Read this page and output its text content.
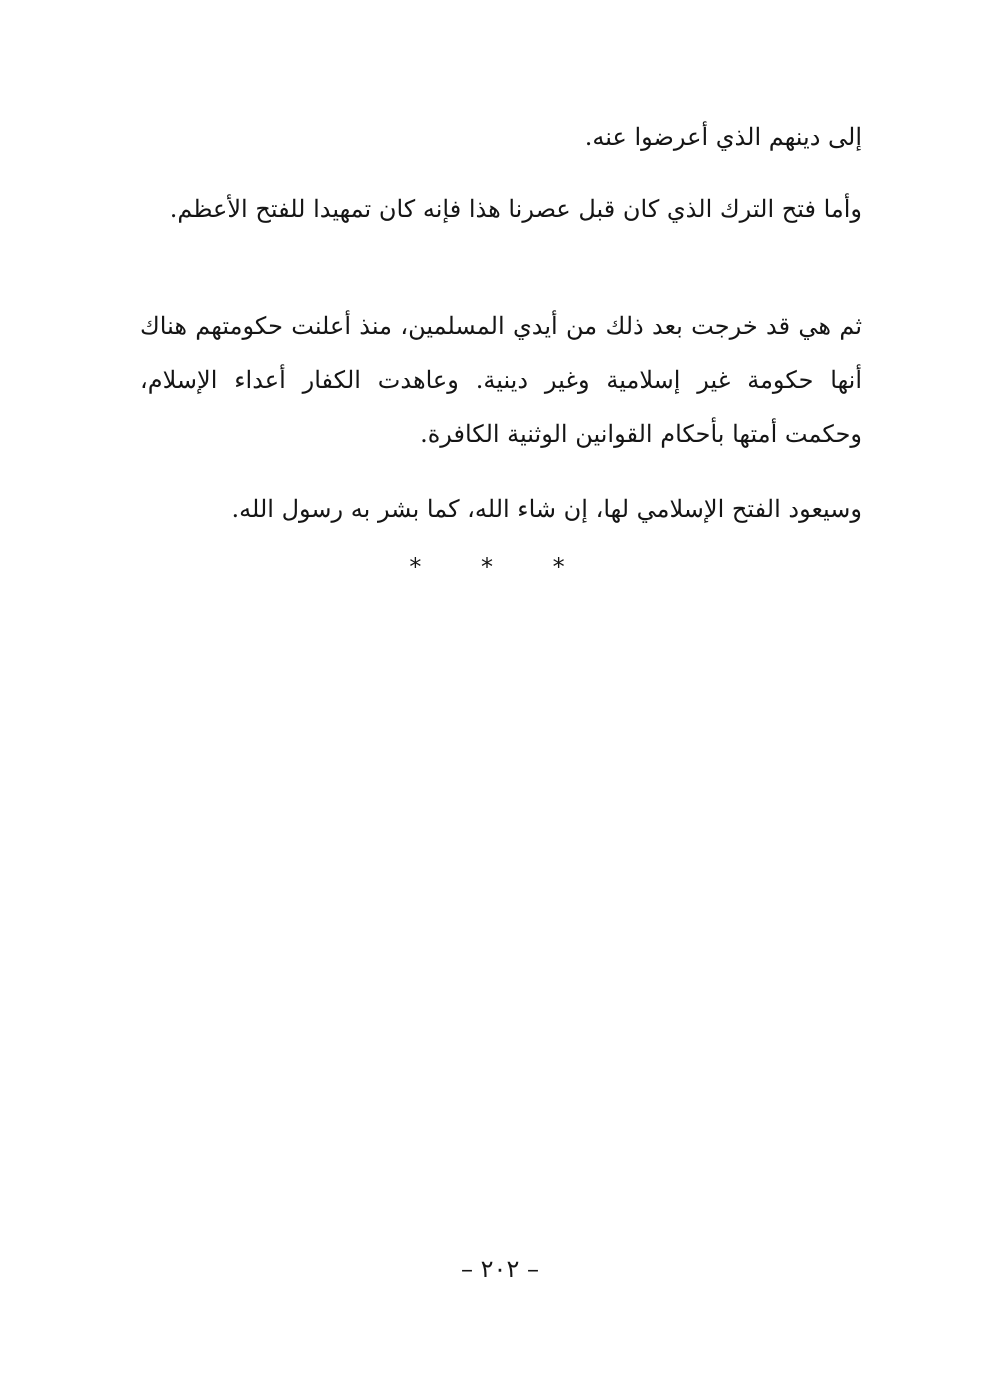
إلى دينهم الذي أعرضوا عنه.

وأما فتح الترك الذي كان قبل عصرنا هذا فإنه كان تمهيدا للفتح الأعظم.

ثم هي قد خرجت بعد ذلك من أيدي المسلمين، منذ أعلنت حكومتهم هناك أنها حكومة غير إسلامية وغير دينية. وعاهدت الكفار أعداء الإسلام، وحكمت أمتها بأحكام القوانين الوثنية الكافرة.

وسيعود الفتح الإسلامي لها، إن شاء الله، كما بشر به رسول الله.

* * *
– ٢٠٢ –
